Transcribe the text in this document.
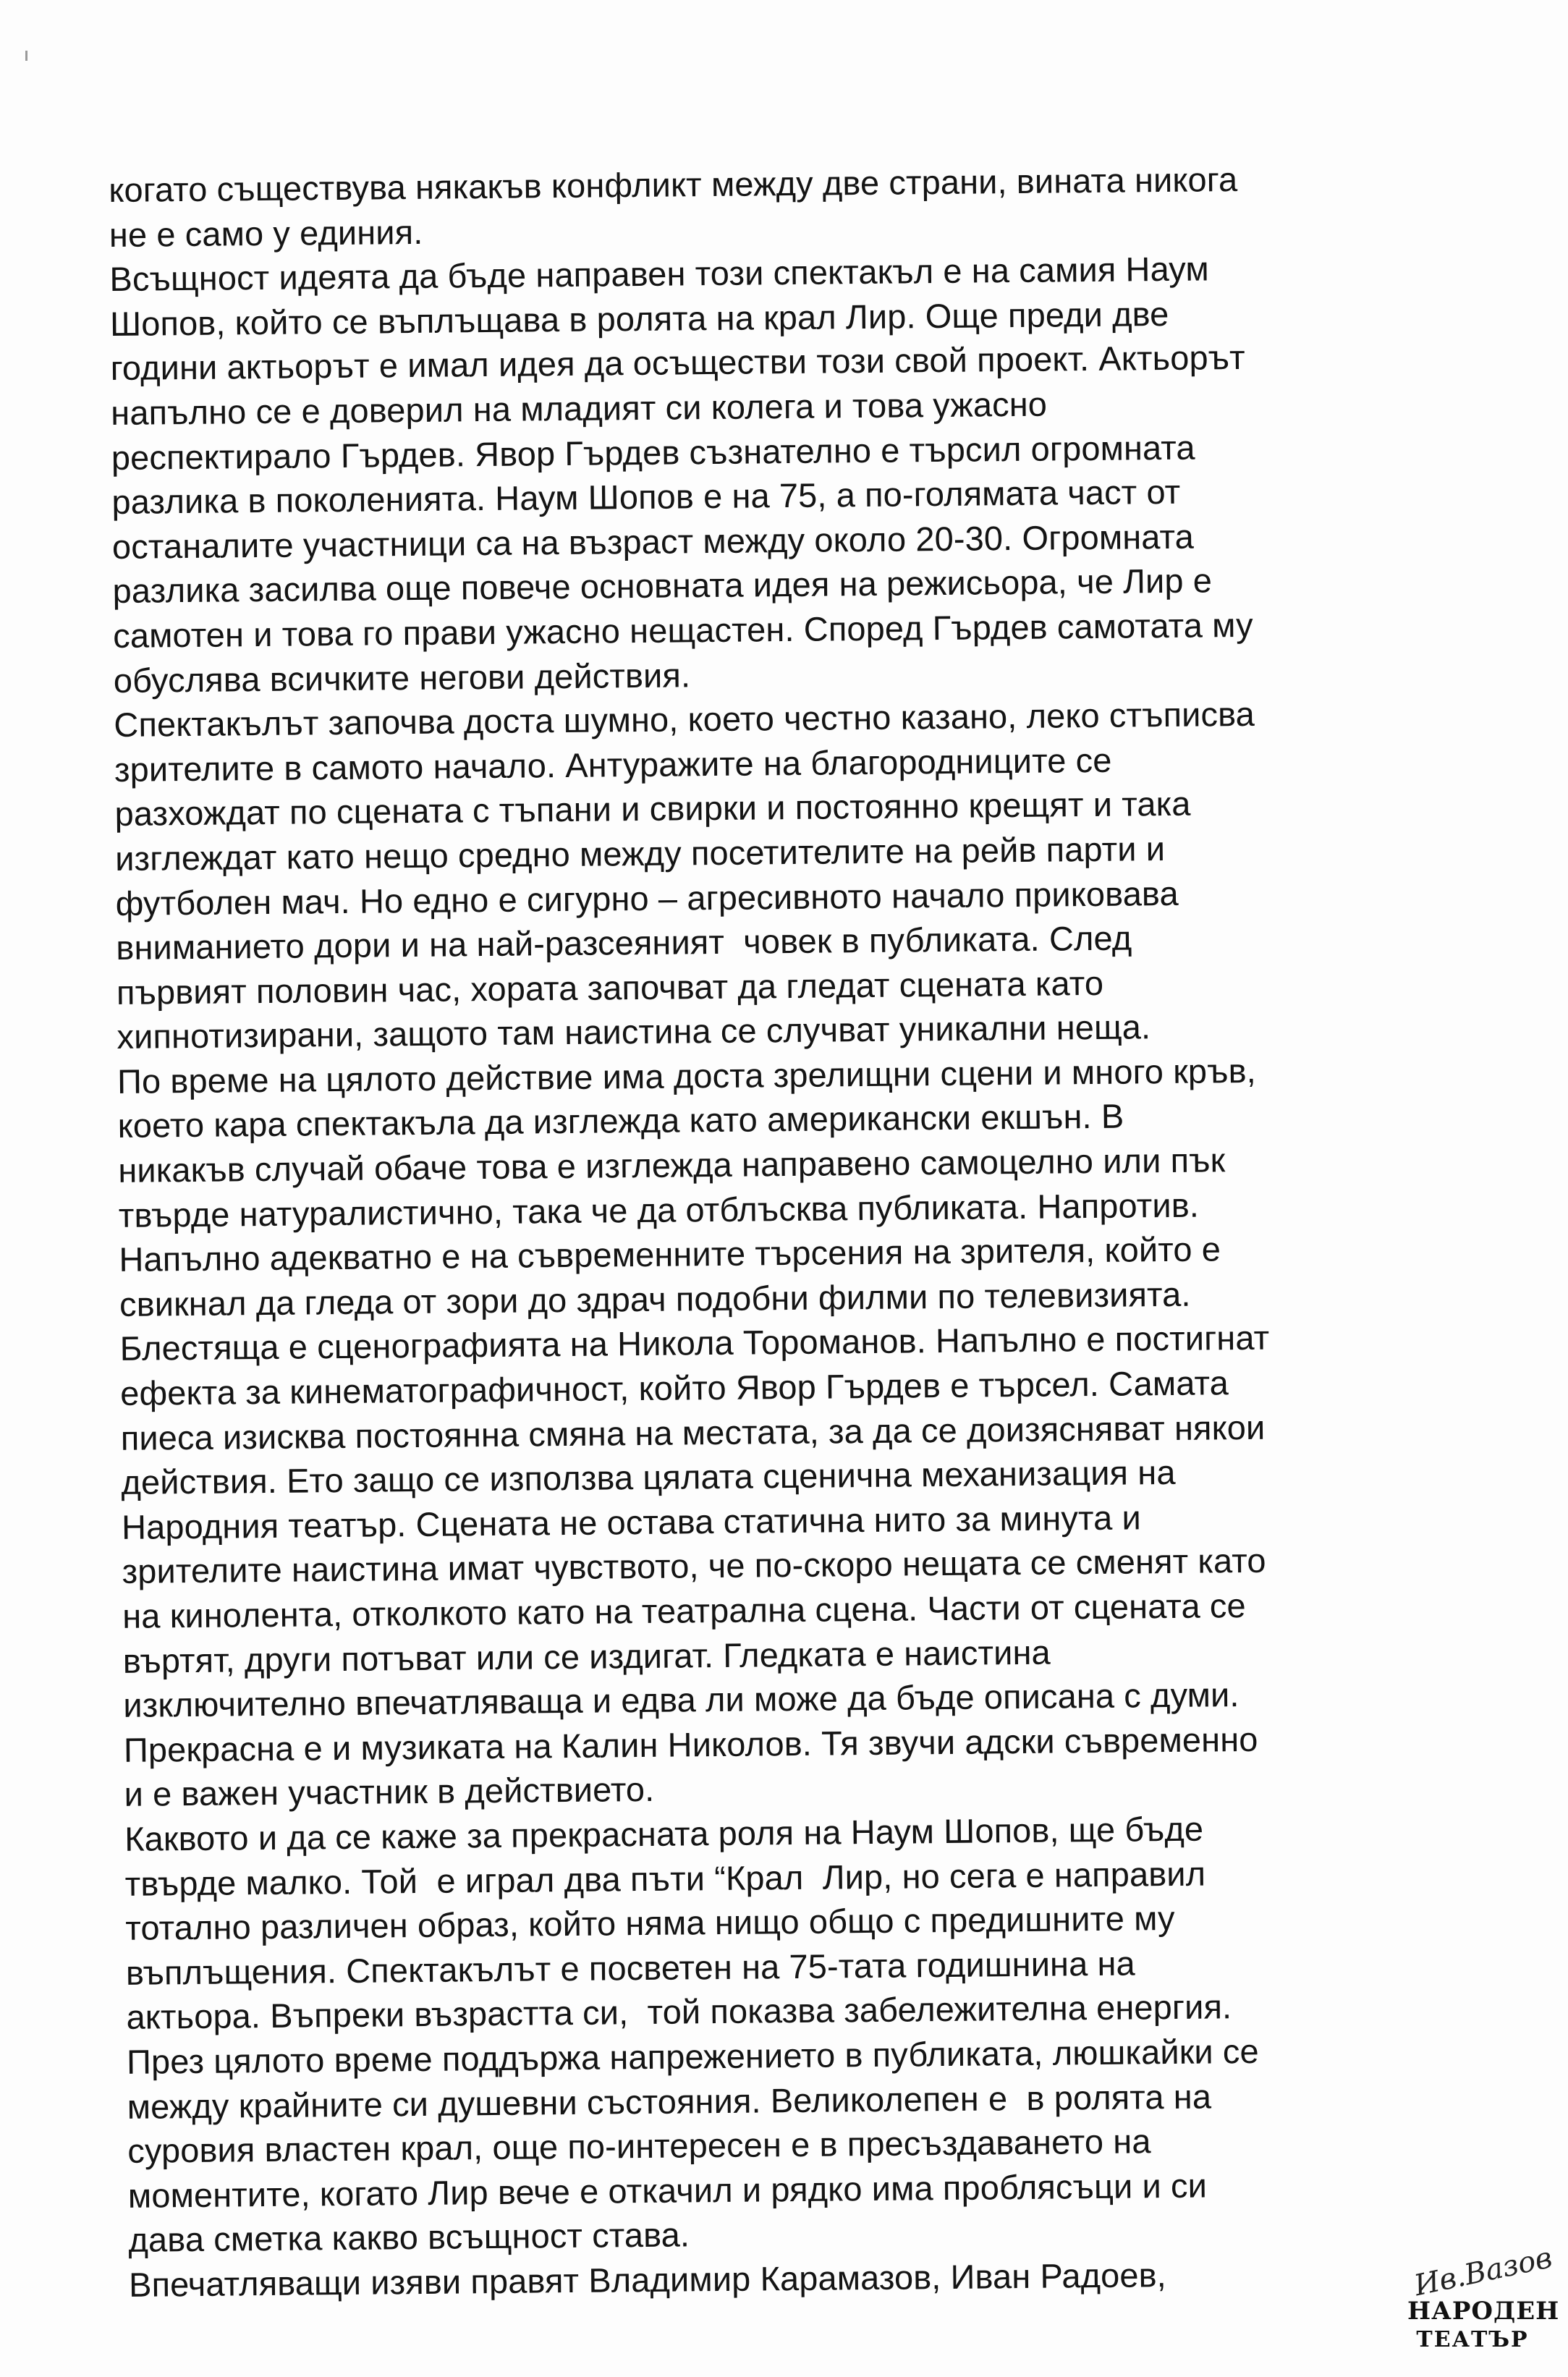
когато съществува някакъв конфликт между две страни, вината никога
не е само у единия.
Всъщност идеята да бъде направен този спектакъл е на самия Наум
Шопов, който се въплъщава в ролята на крал Лир. Още преди две
години актьорът е имал идея да осъществи този свой проект. Актьорът
напълно се е доверил на младият си колега и това ужасно
респектирало Гърдев. Явор Гърдев съзнателно е търсил огромната
разлика в поколенията. Наум Шопов е на 75, а по-голямата част от
останалите участници са на възраст между около 20-30. Огромната
разлика засилва още повече основната идея на режисьора, че Лир е
самотен и това го прави ужасно нещастен. Според Гърдев самотата му
обуслява всичките негови действия.
Спектакълът започва доста шумно, което честно казано, леко стъписва
зрителите в самото начало. Антуражите на благородниците се
разхождат по сцената с тъпани и свирки и постоянно крещят и така
изглеждат като нещо средно между посетителите на рейв парти и
футболен мач. Но едно е сигурно – агресивното начало приковава
вниманието дори и на най-разсеяният  човек в публиката. След
първият половин час, хората започват да гледат сцената като
хипнотизирани, защото там наистина се случват уникални неща.
По време на цялото действие има доста зрелищни сцени и много кръв,
което кара спектакъла да изглежда като американски екшън. В
никакъв случай обаче това е изглежда направено самоцелно или пък
твърде натуралистично, така че да отблъсква публиката. Напротив.
Напълно адекватно е на съвременните търсения на зрителя, който е
свикнал да гледа от зори до здрач подобни филми по телевизията.
Блестяща е сценографията на Никола Тороманов. Напълно е постигнат
ефекта за кинематографичност, който Явор Гърдев е търсел. Самата
пиеса изисква постоянна смяна на местата, за да се доизясняват някои
действия. Ето защо се използва цялата сценична механизация на
Народния театър. Сцената не остава статична нито за минута и
зрителите наистина имат чувството, че по-скоро нещата се сменят като
на кинолента, отколкото като на театрална сцена. Части от сцената се
въртят, други потъват или се издигат. Гледката е наистина
изключително впечатляваща и едва ли може да бъде описана с думи.
Прекрасна е и музиката на Калин Николов. Тя звучи адски съвременно
и е важен участник в действието.
Каквото и да се каже за прекрасната роля на Наум Шопов, ще бъде
твърде малко. Той  е играл два пъти “Крал  Лир, но сега е направил
тотално различен образ, който няма нищо общо с предишните му
въплъщения. Спектакълът е посветен на 75-тата годишнина на
актьора. Въпреки възрастта си,  той показва забележителна енергия.
През цялото време поддържа напрежението в публиката, люшкайки се
между крайните си душевни състояния. Великолепен е  в ролята на
суровия властен крал, още по-интересен е в пресъздаването на
моментите, когато Лир вече е откачил и рядко има проблясъци и си
дава сметка какво всъщност става.
Впечатляващи изяви правят Владимир Карамазов, Иван Радоев,	Ив.Вазов
НАРОДЕН
ТЕАТЪР
